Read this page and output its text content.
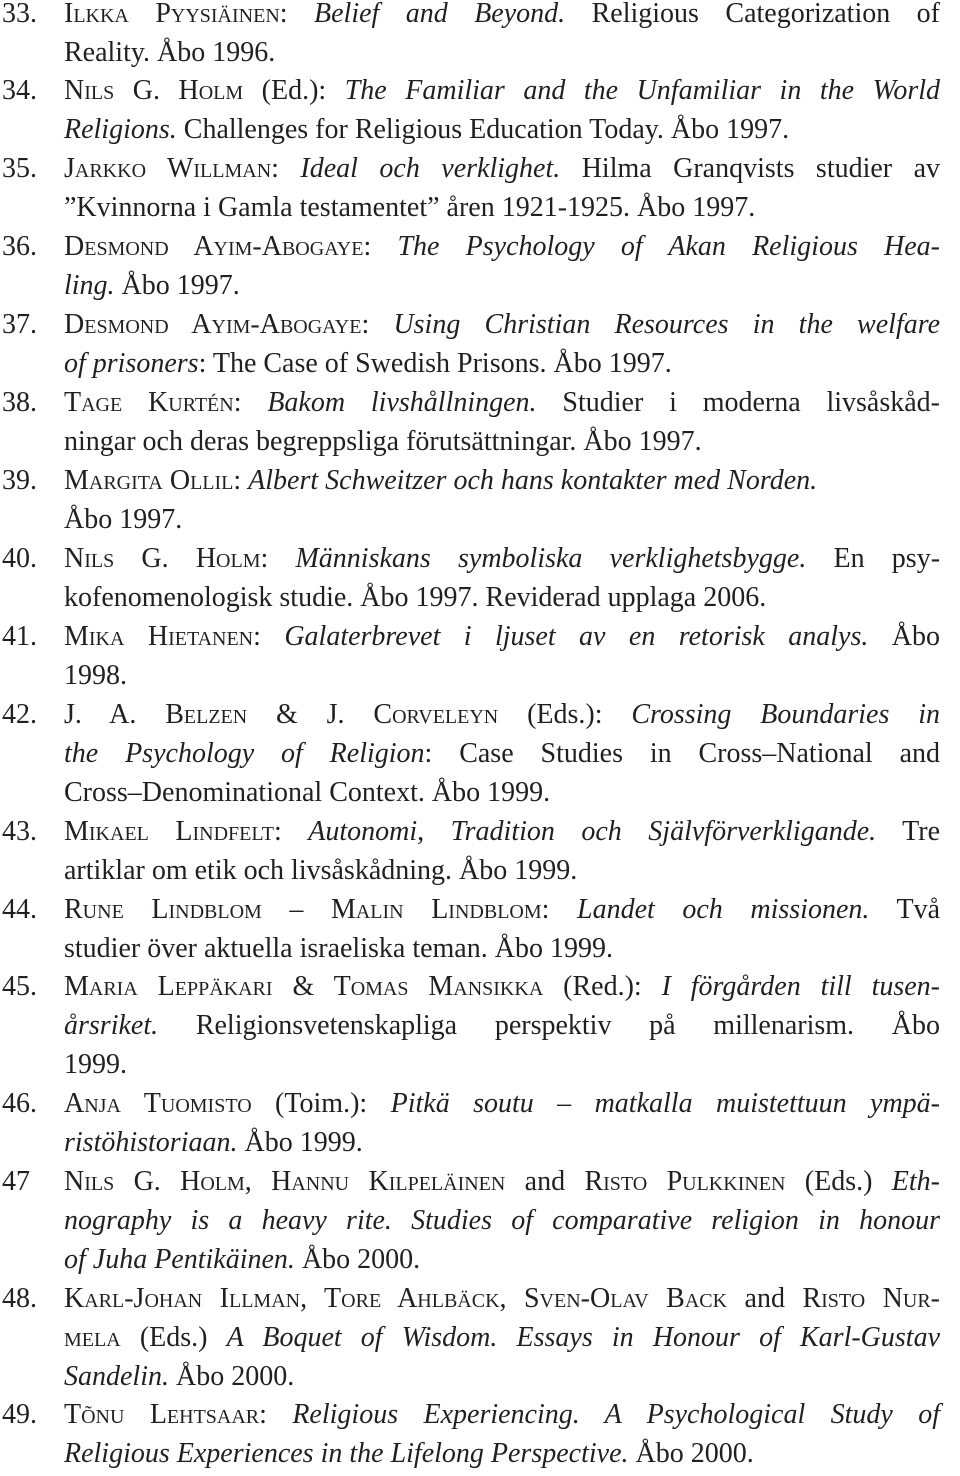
33. Ilkka Pyysiäinen: Belief and Beyond. Religious Categorization of
Reality. Åbo 1996.
34. Nils G. Holm (Ed.): The Familiar and the Unfamiliar in the World
Religions. Challenges for Religious Education Today. Åbo 1997.
35. Jarkko Willman: Ideal och verklighet. Hilma Granqvists studier av
”Kvinnorna i Gamla testamentet” åren 1921-1925. Åbo 1997.
36. Desmond Ayim-Abogaye: The Psychology of Akan Religious Hea-
ling. Åbo 1997.
37. Desmond Ayim-Abogaye: Using Christian Resources in the welfare
of prisoners: The Case of Swedish Prisons. Åbo 1997.
38. Tage Kurtén: Bakom livshållningen. Studier i moderna livsåskåd-
ningar och deras begreppsliga förutsättningar. Åbo 1997.
39. Margita Ollil: Albert Schweitzer och hans kontakter med Norden.
Åbo 1997.
40. Nils G. Holm: Människans symboliska verklighetsbygge. En psy-
kofenomenologisk studie. Åbo 1997. Reviderad upplaga 2006.
41. Mika Hietanen: Galaterbrevet i ljuset av en retorisk analys. Åbo
1998.
42. J. A. Belzen & J. Corveleyn (Eds.): Crossing Boundaries in
the Psychology of Religion: Case Studies in Cross–National and
Cross–Denominational Context. Åbo 1999.
43. Mikael Lindfelt: Autonomi, Tradition och Självförverkligande. Tre
artiklar om etik och livsåskådning. Åbo 1999.
44. Rune Lindblom – Malin Lindblom: Landet och missionen. Två
studier över aktuella israeliska teman. Åbo 1999.
45. Maria Leppäkari & Tomas Mansikka (Red.): I förgården till tusen-
årsriket. Religionsvetenskapliga perspektiv på millenarism. Åbo
1999.
46. Anja Tuomisto (Toim.): Pitkä soutu – matkalla muistettuun ympä-
ristöhistoriaan. Åbo 1999.
47 Nils G. Holm, Hannu Kilpeläinen and Risto Pulkkinen (Eds.) Eth-
nography is a heavy rite. Studies of comparative religion in honour
of Juha Pentikäinen. Åbo 2000.
48. Karl-Johan Illman, Tore Ahlbäck, Sven-Olav Back and Risto Nur-
mela (Eds.) A Boquet of Wisdom. Essays in Honour of Karl-Gustav
Sandelin. Åbo 2000.
49. Tõnu Lehtsaar: Religious Experiencing. A Psychological Study of
Religious Experiences in the Lifelong Perspective. Åbo 2000.
